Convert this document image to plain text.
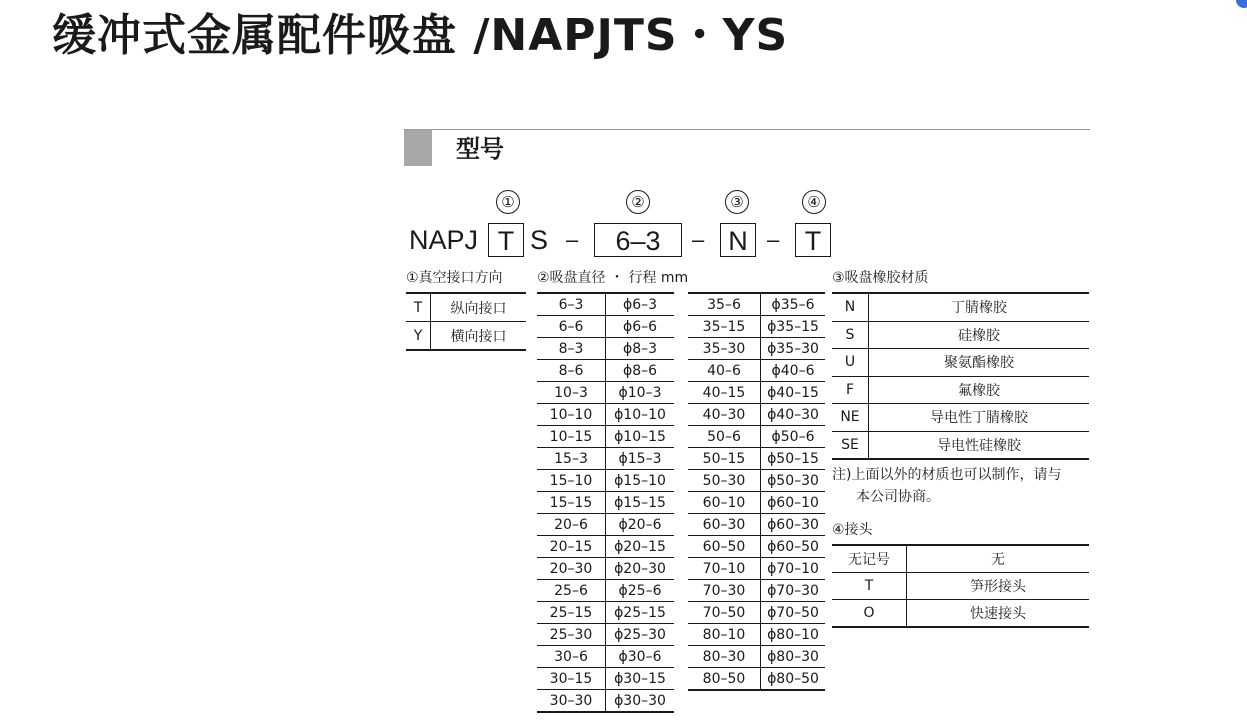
缓冲式金属配件吸盘 /NAPJTS・YS
型号
①	②	③	④
NAPJ T S –	6–3	– N – T
①真空接口方向 ②吸盘直径 ・ 行程 mm	③吸盘橡胶材质
T	纵向接口
Y	横向接口
6–3	ϕ6–3
6–6	ϕ6–6
8–3	ϕ8–3
8–6	ϕ8–6
10–3	ϕ10–3
10–10	ϕ10–10
10–15	ϕ10–15
15–3	ϕ15–3
15–10	ϕ15–10
15–15	ϕ15–15
20–6	ϕ20–6
20–15	ϕ20–15
20–30	ϕ20–30
25–6	ϕ25–6
25–15	ϕ25–15
25–30	ϕ25–30
30–6	ϕ30–6
30–15	ϕ30–15
30–30	ϕ30–30
35–6	ϕ35–6
35–15	ϕ35–15
35–30	ϕ35–30
40–6	ϕ40–6
40–15	ϕ40–15
40–30	ϕ40–30
50–6	ϕ50–6
50–15	ϕ50–15
50–30	ϕ50–30
60–10	ϕ60–10
60–30	ϕ60–30
60–50	ϕ60–50
70–10	ϕ70–10
70–30	ϕ70–30
70–50	ϕ70–50
80–10	ϕ80–10
80–30	ϕ80–30
80–50	ϕ80–50
N	丁腈橡胶
S	硅橡胶
U	聚氨酯橡胶
F	氟橡胶
NE	导电性丁腈橡胶
SE	导电性硅橡胶
注)上面以外的材质也可以制作，请与
本公司协商。
④接头
无记号	无
T	笋形接头
O	快速接头
